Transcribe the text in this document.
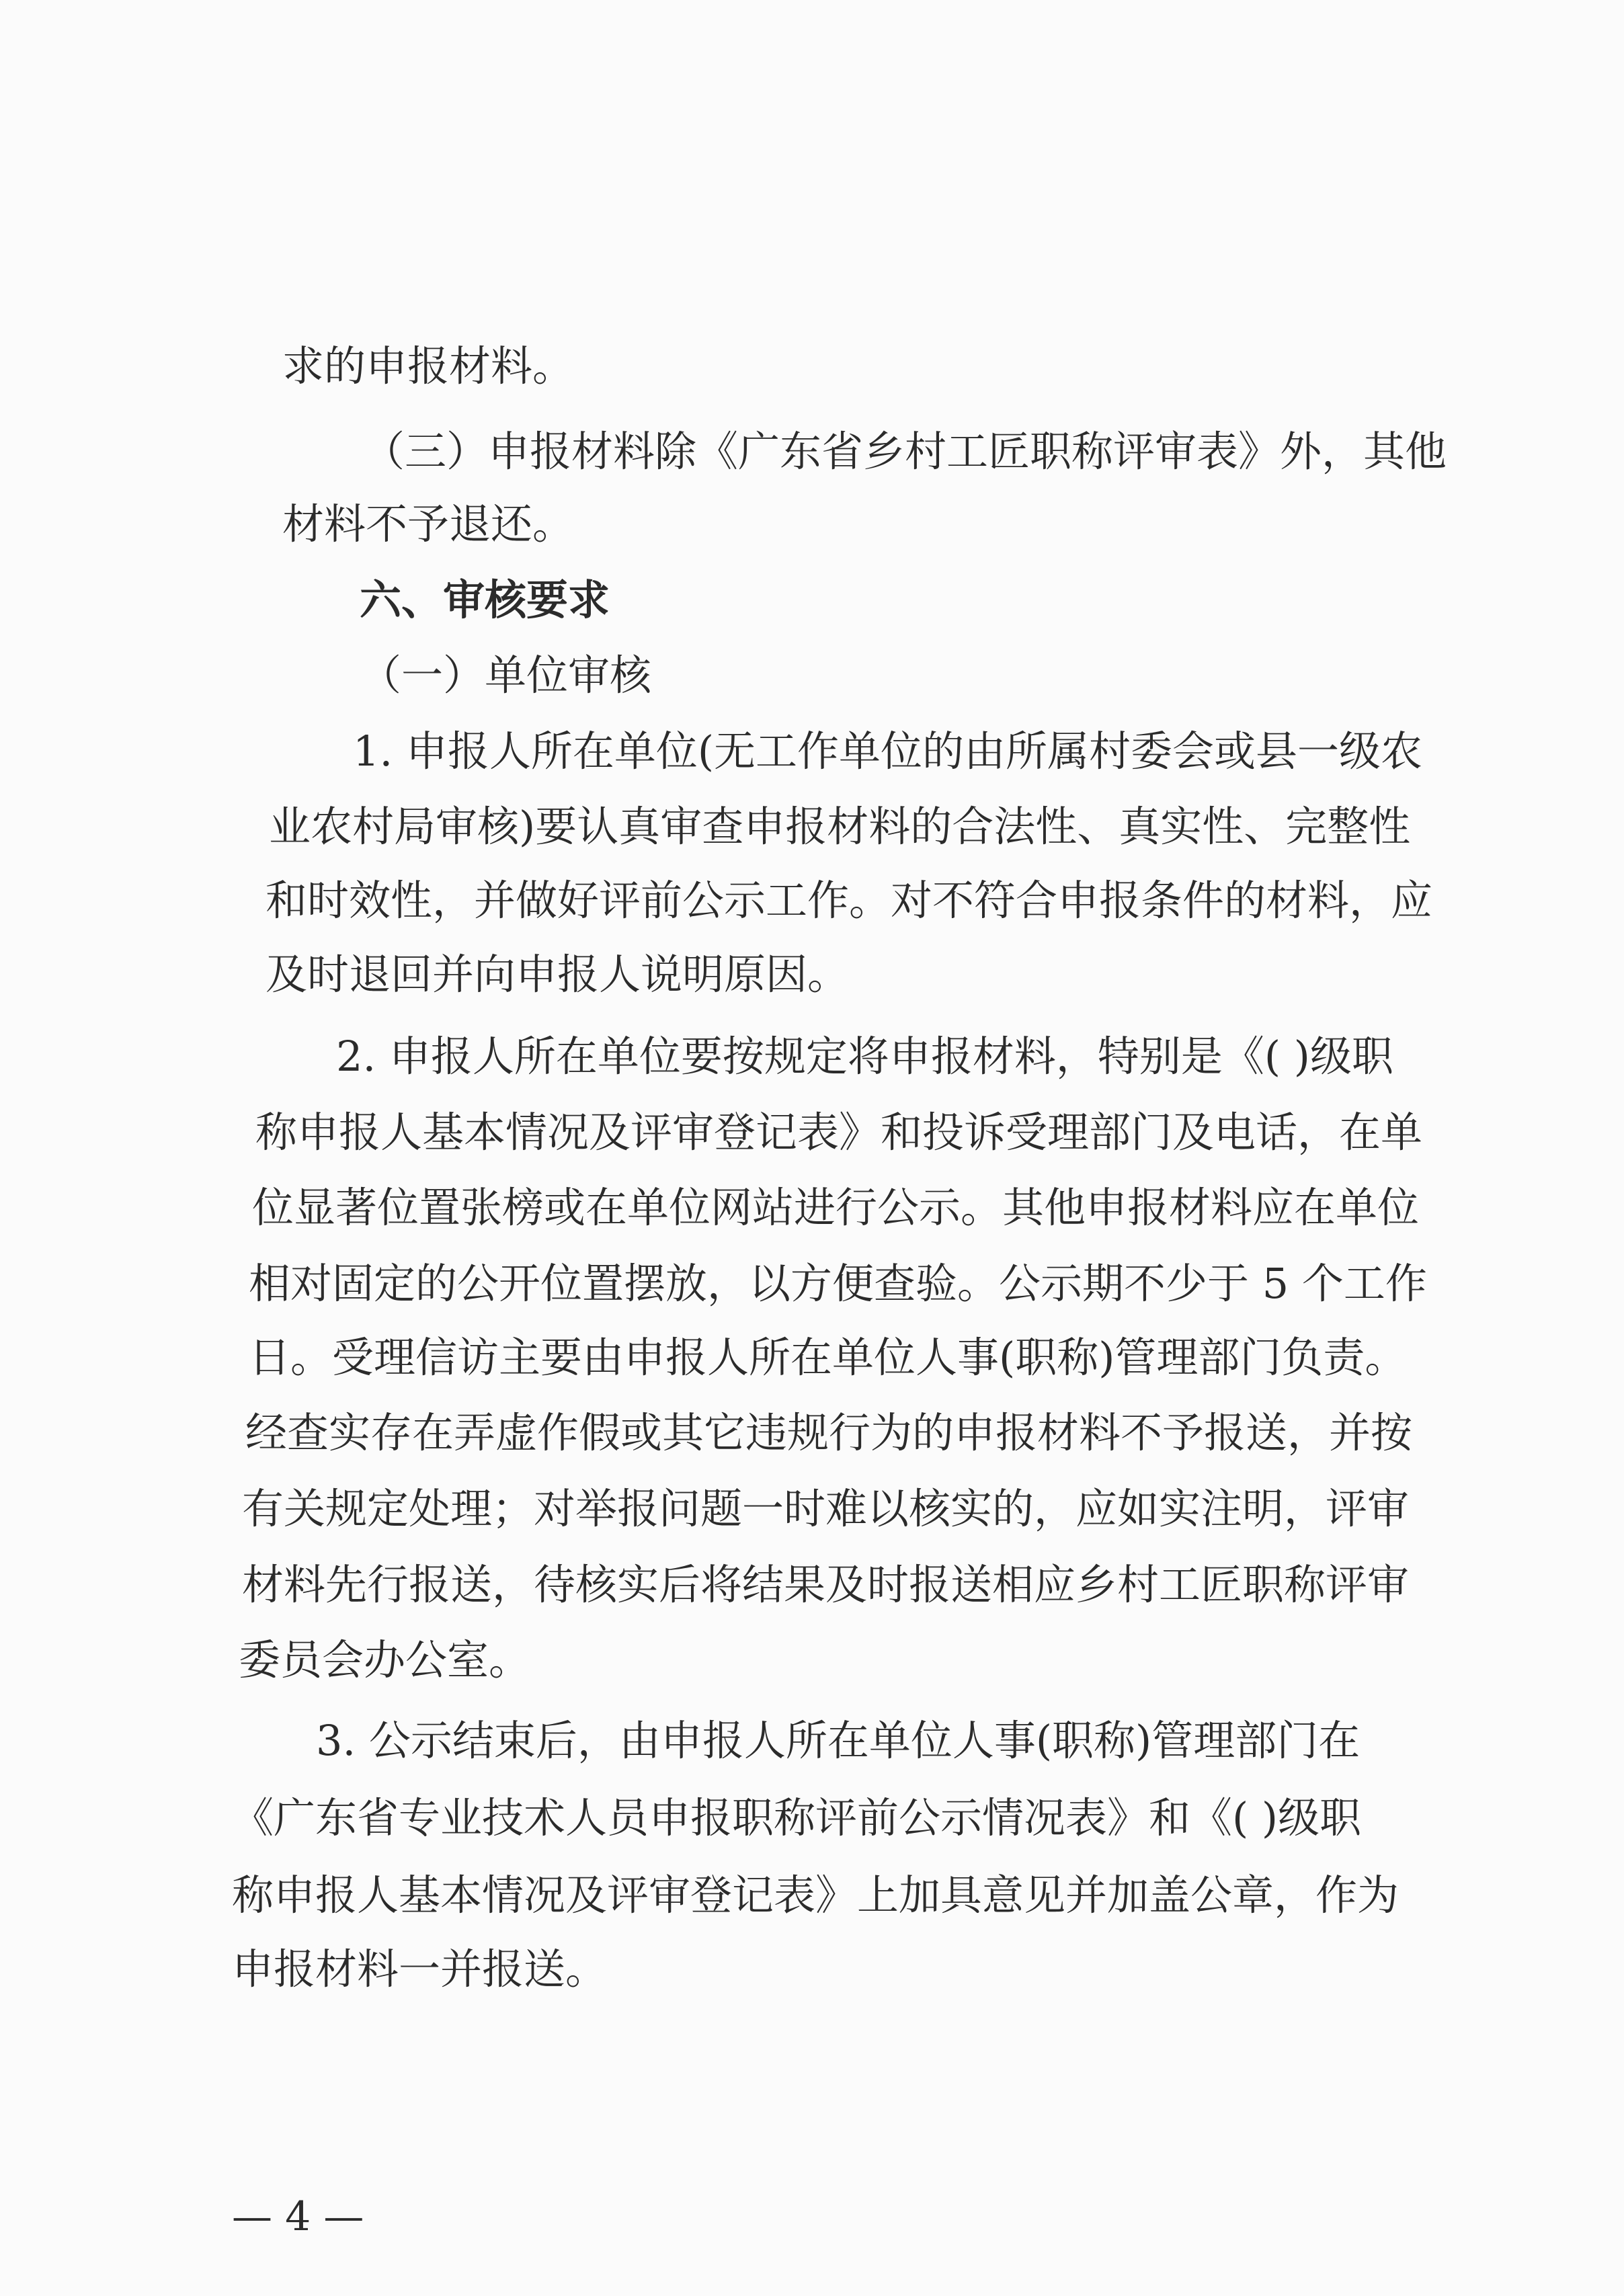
求的申报材料。
（三）申报材料除《广东省乡村工匠职称评审表》外，其他
材料不予退还。
六、审核要求
（一）单位审核
1. 申报人所在单位(无工作单位的由所属村委会或县一级农
业农村局审核)要认真审查申报材料的合法性、真实性、完整性
和时效性，并做好评前公示工作。对不符合申报条件的材料，应
及时退回并向申报人说明原因。
2. 申报人所在单位要按规定将申报材料，特别是《( )级职
称申报人基本情况及评审登记表》和投诉受理部门及电话，在单
位显著位置张榜或在单位网站进行公示。其他申报材料应在单位
相对固定的公开位置摆放，以方便查验。公示期不少于 5 个工作
日。受理信访主要由申报人所在单位人事(职称)管理部门负责。
经查实存在弄虚作假或其它违规行为的申报材料不予报送，并按
有关规定处理；对举报问题一时难以核实的，应如实注明，评审
材料先行报送，待核实后将结果及时报送相应乡村工匠职称评审
委员会办公室。
3. 公示结束后，由申报人所在单位人事(职称)管理部门在
《广东省专业技术人员申报职称评前公示情况表》和《( )级职
称申报人基本情况及评审登记表》上加具意见并加盖公章，作为
申报材料一并报送。
— 4 —
